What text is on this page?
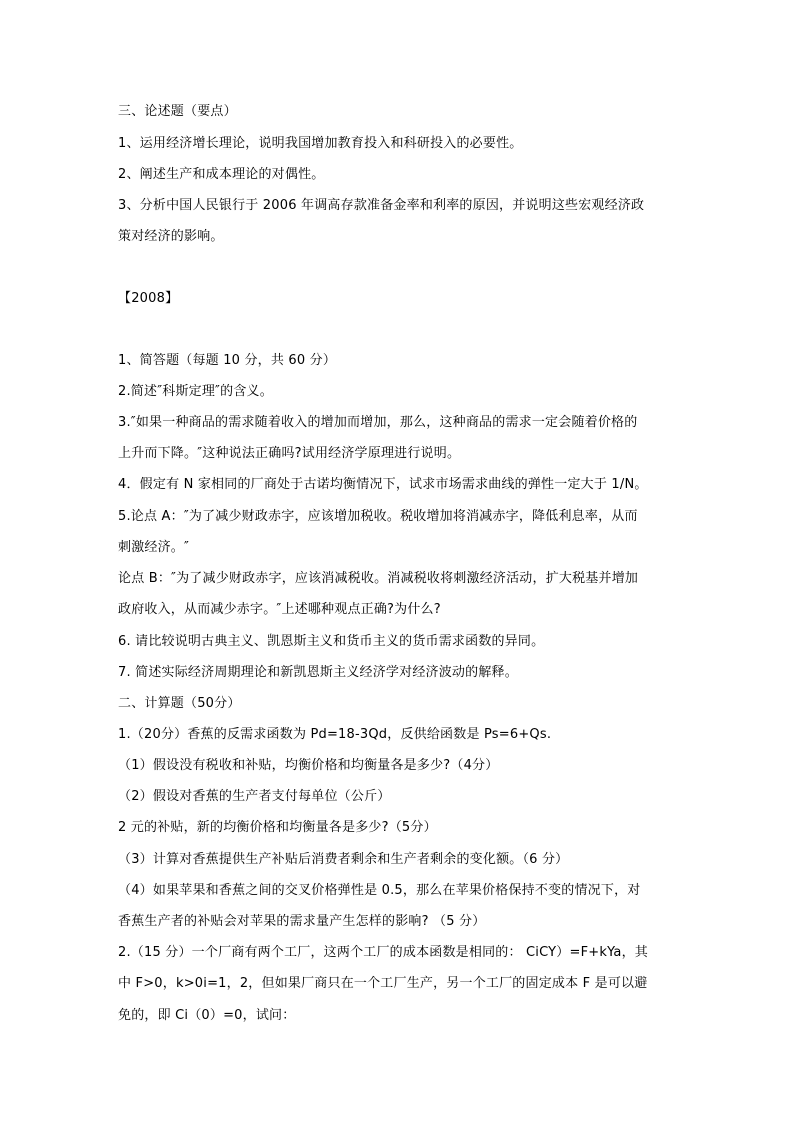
三、论述题（要点）
1、运用经济增长理论，说明我国增加教育投入和科研投入的必要性。
2、阐述生产和成本理论的对偶性。
3、分析中国人民银行于 2006 年调高存款准备金率和利率的原因，并说明这些宏观经济政
策对经济的影响。
【2008】
1、简答题（每题 10 分，共 60 分）
2.简述″科斯定理″的含义。
3.″如果一种商品的需求随着收入的增加而增加，那么，这种商品的需求一定会随着价格的
上升而下降。″这种说法正确吗?试用经济学原理进行说明。
4．假定有 N 家相同的厂商处于古诺均衡情况下，试求市场需求曲线的弹性一定大于 1/N。
5.论点 A：″为了减少财政赤字，应该增加税收。税收增加将消减赤字，降低利息率，从而
刺激经济。″
论点 B：″为了减少财政赤字，应该消减税收。消减税收将刺激经济活动，扩大税基并增加
政府收入，从而减少赤字。″上述哪种观点正确?为什么?
6. 请比较说明古典主义、凯恩斯主义和货币主义的货币需求函数的异同。
7. 简述实际经济周期理论和新凯恩斯主义经济学对经济波动的解释。
二、计算题（50分）
1.（20分）香蕉的反需求函数为 Pd=18-3Qd，反供给函数是 Ps=6+Qs.
（1）假设没有税收和补贴，均衡价格和均衡量各是多少?（4分）
（2）假设对香蕉的生产者支付每单位（公斤）
2 元的补贴，新的均衡价格和均衡量各是多少?（5分）
（3）计算对香蕉提供生产补贴后消费者剩余和生产者剩余的变化额。（6 分）
（4）如果苹果和香蕉之间的交叉价格弹性是 0.5，那么在苹果价格保持不变的情况下，对
香蕉生产者的补贴会对苹果的需求量产生怎样的影响? （5 分）
2.（15 分）一个厂商有两个工厂，这两个工厂的成本函数是相同的： CiCY）=F+kYa，其
中 F>0，k>0i=1，2，但如果厂商只在一个工厂生产，另一个工厂的固定成本 F 是可以避
免的，即 Ci（0）=0，试问：
